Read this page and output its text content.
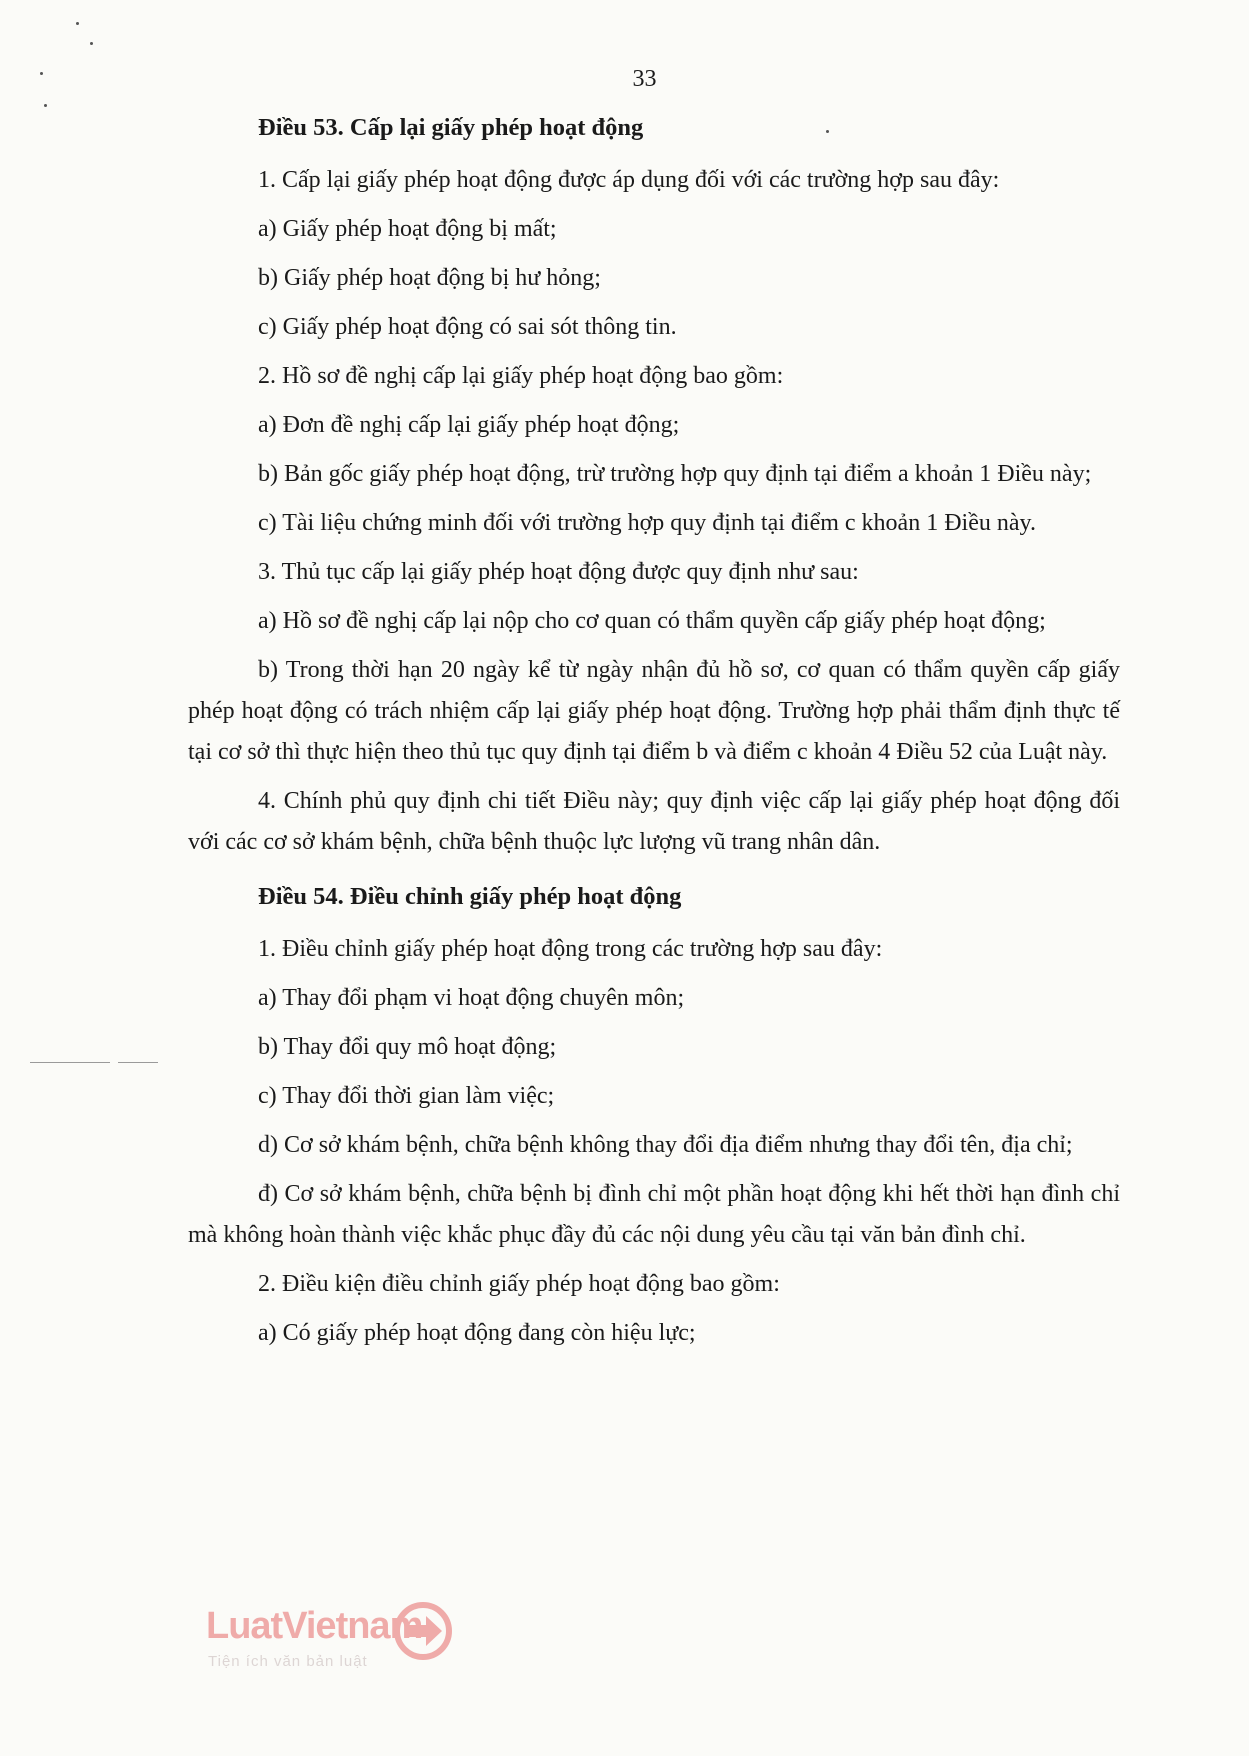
33
Điều 53. Cấp lại giấy phép hoạt động

1. Cấp lại giấy phép hoạt động được áp dụng đối với các trường hợp sau đây:

a) Giấy phép hoạt động bị mất;

b) Giấy phép hoạt động bị hư hỏng;

c) Giấy phép hoạt động có sai sót thông tin.

2. Hồ sơ đề nghị cấp lại giấy phép hoạt động bao gồm:

a) Đơn đề nghị cấp lại giấy phép hoạt động;

b) Bản gốc giấy phép hoạt động, trừ trường hợp quy định tại điểm a khoản 1 Điều này;

c) Tài liệu chứng minh đối với trường hợp quy định tại điểm c khoản 1 Điều này.

3. Thủ tục cấp lại giấy phép hoạt động được quy định như sau:

a) Hồ sơ đề nghị cấp lại nộp cho cơ quan có thẩm quyền cấp giấy phép hoạt động;

b) Trong thời hạn 20 ngày kể từ ngày nhận đủ hồ sơ, cơ quan có thẩm quyền cấp giấy phép hoạt động có trách nhiệm cấp lại giấy phép hoạt động. Trường hợp phải thẩm định thực tế tại cơ sở thì thực hiện theo thủ tục quy định tại điểm b và điểm c khoản 4 Điều 52 của Luật này.

4. Chính phủ quy định chi tiết Điều này; quy định việc cấp lại giấy phép hoạt động đối với các cơ sở khám bệnh, chữa bệnh thuộc lực lượng vũ trang nhân dân.

Điều 54. Điều chỉnh giấy phép hoạt động

1. Điều chỉnh giấy phép hoạt động trong các trường hợp sau đây:

a) Thay đổi phạm vi hoạt động chuyên môn;

b) Thay đổi quy mô hoạt động;

c) Thay đổi thời gian làm việc;

d) Cơ sở khám bệnh, chữa bệnh không thay đổi địa điểm nhưng thay đổi tên, địa chỉ;

đ) Cơ sở khám bệnh, chữa bệnh bị đình chỉ một phần hoạt động khi hết thời hạn đình chỉ mà không hoàn thành việc khắc phục đầy đủ các nội dung yêu cầu tại văn bản đình chỉ.

2. Điều kiện điều chỉnh giấy phép hoạt động bao gồm:

a) Có giấy phép hoạt động đang còn hiệu lực;

LuatVietnam
Tiện ích văn bản luật
